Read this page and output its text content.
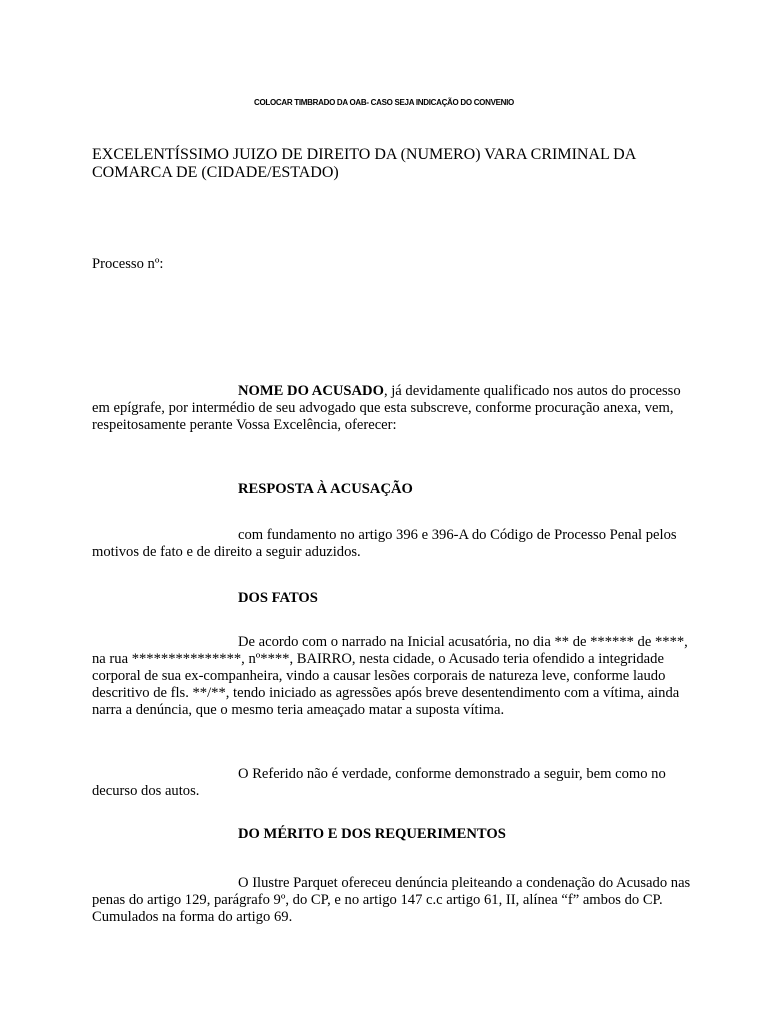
COLOCAR TIMBRADO DA OAB- CASO SEJA INDICAÇÃO DO CONVENIO
EXCELENTÍSSIMO JUIZO DE DIREITO DA (NUMERO) VARA CRIMINAL DA
COMARCA DE (CIDADE/ESTADO)
Processo nº:
NOME DO ACUSADO, já devidamente qualificado nos autos do processo em epígrafe, por intermédio de seu advogado que esta subscreve, conforme procuração anexa, vem, respeitosamente perante Vossa Excelência, oferecer:
RESPOSTA À ACUSAÇÃO
com fundamento no artigo 396 e 396-A do Código de Processo Penal pelos motivos de fato e de direito a seguir aduzidos.
DOS FATOS
De acordo com o narrado na Inicial acusatória, no dia ** de ****** de ****, na rua ***************, nº****, BAIRRO, nesta cidade, o Acusado teria ofendido a integridade corporal de sua ex-companheira, vindo a causar lesões corporais de natureza leve, conforme laudo descritivo de fls. **/**, tendo iniciado as agressões após breve desentendimento com a vítima, ainda narra a denúncia, que o mesmo teria ameaçado matar a suposta vítima.
O Referido não é verdade, conforme demonstrado a seguir, bem como no decurso dos autos.
DO MÉRITO E DOS REQUERIMENTOS
O Ilustre Parquet ofereceu denúncia pleiteando a condenação do Acusado nas penas do artigo 129, parágrafo 9º, do CP, e no artigo 147 c.c artigo 61, II, alínea “f” ambos do CP. Cumulados na forma do artigo 69.
